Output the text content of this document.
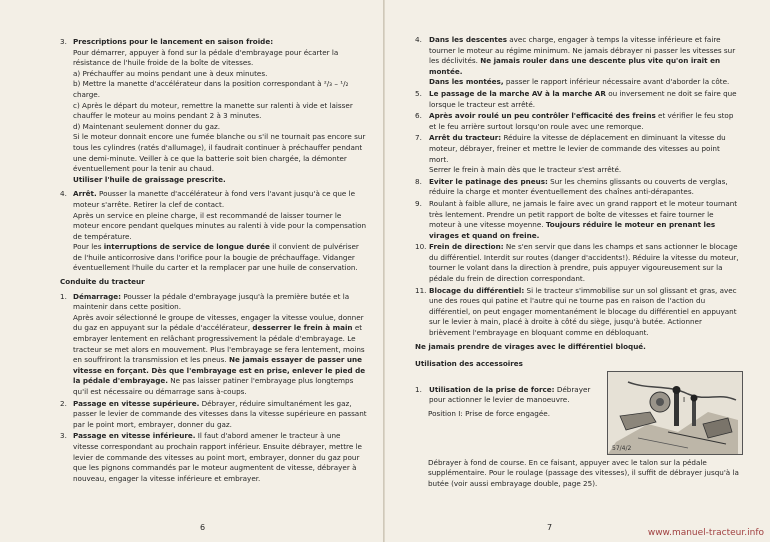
3. Prescriptions pour le lancement en saison froide:

Pour démarrer, appuyer à fond sur la pédale d'embrayage pour écarter la résistance de l'huile froide de la boîte de vitesses.

a) Préchauffer au moins pendant une à deux minutes.

b) Mettre la manette d'accélérateur dans la position correspondant à ²/₃ – ¹/₂ charge.

c) Après le départ du moteur, remettre la manette sur ralenti à vide et laisser chauffer le moteur au moins pendant 2 à 3 minutes.

d) Maintenant seulement donner du gaz.

Si le moteur donnait encore une fumée blanche ou s'il ne tournait pas encore sur tous les cylindres (ratés d'allumage), il faudrait continuer à préchauffer pendant une demi-minute. Veiller à ce que la batterie soit bien chargée, la démonter éventuellement pour la tenir au chaud.

Utiliser l'huile de graissage prescrite.

4. Arrêt. Pousser la manette d'accélérateur à fond vers l'avant jusqu'à ce que le moteur s'arrête. Retirer la clef de contact.

Après un service en pleine charge, il est recommandé de laisser tourner le moteur encore pendant quelques minutes au ralenti à vide pour la compensation de température.

Pour les interruptions de service de longue durée il convient de pulvériser de l'huile anticorrosive dans l'orifice pour la bougie de préchauffage. Vidanger éventuellement l'huile du carter et la remplacer par une huile de conservation.

Conduite du tracteur

1. Démarrage: Pousser la pédale d'embrayage jusqu'à la première butée et la maintenir dans cette position.

Après avoir sélectionné le groupe de vitesses, engager la vitesse voulue, donner du gaz en appuyant sur la pédale d'accélérateur, desserrer le frein à main et embrayer lentement en relâchant progressivement la pédale d'embrayage. Le tracteur se met alors en mouvement. Plus l'embrayage se fera lentement, moins en souffriront la transmission et les pneus. Ne jamais essayer de passer une vitesse en forçant. Dès que l'embrayage est en prise, enlever le pied de la pédale d'embrayage. Ne pas laisser patiner l'embrayage plus longtemps qu'il est nécessaire ou démarrage sans à-coups.

2. Passage en vitesse supérieure. Débrayer, réduire simultanément les gaz, passer le levier de commande des vitesses dans la vitesse supérieure en passant par le point mort, embrayer, donner du gaz.

3. Passage en vitesse inférieure. Il faut d'abord amener le tracteur à une vitesse correspondant au prochain rapport inférieur. Ensuite débrayer, mettre le levier de commande des vitesses au point mort, embrayer, donner du gaz pour que les pignons commandés par le moteur augmentent de vitesse, débrayer à nouveau, engager la vitesse inférieure et embrayer.

6
4. Dans les descentes avec charge, engager à temps la vitesse inférieure et faire tourner le moteur au régime minimum. Ne jamais débrayer ni passer les vitesses sur les déclivités. Ne jamais rouler dans une descente plus vite qu'on irait en montée.

Dans les montées, passer le rapport inférieur nécessaire avant d'aborder la côte.

5. Le passage de la marche AV à la marche AR ou inversement ne doit se faire que lorsque le tracteur est arrêté.

6. Après avoir roulé un peu contrôler l'efficacité des freins et vérifier le feu stop et le feu arrière surtout lorsqu'on roule avec une remorque.

7. Arrêt du tracteur: Réduire la vitesse de déplacement en diminuant la vitesse du moteur, débrayer, freiner et mettre le levier de commande des vitesses au point mort.

Serrer le frein à main dès que le tracteur s'est arrêté.

8. Eviter le patinage des pneus: Sur les chemins glissants ou couverts de verglas, réduire la charge et monter éventuellement des chaînes anti-dérapantes.

9. Roulant à faible allure, ne jamais le faire avec un grand rapport et le moteur tournant très lentement. Prendre un petit rapport de boîte de vitesses et faire tourner le moteur à une vitesse moyenne. Toujours réduire le moteur en prenant les virages et quand on freine.

10. Frein de direction: Ne s'en servir que dans les champs et sans actionner le blocage du différentiel. Interdit sur routes (danger d'accidents!). Réduire la vitesse du moteur, tourner le volant dans la direction à prendre, puis appuyer vigoureusement sur la pédale du frein de direction correspondant.

11. Blocage du différentiel: Si le tracteur s'immobilise sur un sol glissant et gras, avec une des roues qui patine et l'autre qui ne tourne pas en raison de l'action du différentiel, on peut engager momentanément le blocage du différentiel en appuyant sur le levier à main, placé à droite à côté du siège, jusqu'à butée. Actionner brièvement l'embrayage en bloquant comme en débloquant.

Ne jamais prendre de virages avec le différentiel bloqué.

Utilisation des accessoires

1. Utilisation de la prise de force: Débrayer pour actionner le levier de manoeuvre.

Position I: Prise de force engagée.

Débrayer à fond de course. En ce faisant, appuyer avec le talon sur la pédale supplémentaire. Pour le roulage (passage des vitesses), il suffit de débrayer jusqu'à la butée (voir aussi embrayage double, page 25).

I
57/4/2
7
www.manuel-tracteur.info
